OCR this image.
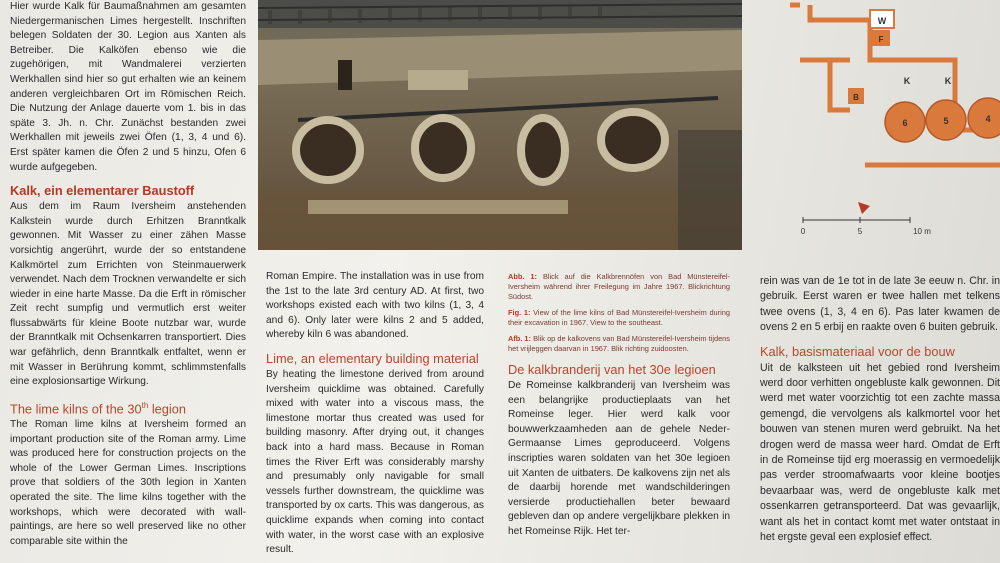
Hier wurde Kalk für Baumaßnahmen am gesamten Niedergermanischen Limes hergestellt. Inschriften belegen Soldaten der 30. Legion aus Xanten als Betreiber. Die Kalköfen ebenso wie die zugehörigen, mit Wandmalerei verzierten Werkhallen sind hier so gut erhalten wie an keinem anderen vergleichbaren Ort im Römischen Reich. Die Nutzung der Anlage dauerte vom 1. bis in das späte 3. Jh. n. Chr. Zunächst bestanden zwei Werkhallen mit jeweils zwei Öfen (1, 3, 4 und 6). Erst später kamen die Öfen 2 und 5 hinzu, Ofen 6 wurde aufgegeben.

Kalk, ein elementarer Baustoff

Aus dem im Raum Iversheim anstehenden Kalkstein wurde durch Erhitzen Branntkalk gewonnen. Mit Wasser zu einer zähen Masse vorsichtig angerührt, wurde der so entstandene Kalkmörtel zum Errichten von Steinmauerwerk verwendet. Nach dem Trocknen verwandelte er sich wieder in eine harte Masse. Da die Erft in römischer Zeit recht sumpfig und vermutlich erst weiter flussabwärts für kleine Boote nutzbar war, wurde der Branntkalk mit Ochsenkarren transportiert. Dies war gefährlich, denn Branntkalk entfaltet, wenn er mit Wasser in Berührung kommt, schlimmstenfalls eine explosionsartige Wirkung.

The lime kilns of the 30th legion

The Roman lime kilns at Iversheim formed an important production site of the Roman army. Lime was produced here for construction projects on the whole of the Lower German Limes. Inscriptions prove that soldiers of the 30th legion in Xanten operated the site. The lime kilns together with the workshops, which were decorated with wall-paintings, are here so well preserved like no other comparable site within the

W
F
K	K
B
6	5	4
0	5	10 m

Roman Empire. The installation was in use from the 1st to the late 3rd century AD. At first, two workshops existed each with two kilns (1, 3, 4 and 6). Only later were kilns 2 and 5 added, whereby kiln 6 was abandoned.

Lime, an elementary building material

By heating the limestone derived from around Iversheim quicklime was obtained. Carefully mixed with water into a viscous mass, the limestone mortar thus created was used for building masonry. After drying out, it changes back into a hard mass. Because in Roman times the River Erft was considerably marshy and presumably only navigable for small vessels further downstream, the quicklime was transported by ox carts. This was dangerous, as quicklime expands when coming into contact with water, in the worst case with an explosive result.

Abb. 1: Blick auf die Kalkbrennöfen von Bad Münstereifel-Iversheim während ihrer Freilegung im Jahre 1967. Blickrichtung Südost.
Fig. 1: View of the lime kilns of Bad Münstereifel-Iversheim during their excavation in 1967. View to the southeast.
Afb. 1: Blik op de kalkovens van Bad Münstereifel-Iversheim tijdens het vrijleggen daarvan in 1967. Blik richting zuidoosten.
De kalkbranderij van het 30e legioen

De Romeinse kalkbranderij van Iversheim was een belangrijke productieplaats van het Romeinse leger. Hier werd kalk voor bouwwerkzaamheden aan de gehele Neder-Germaanse Limes geproduceerd. Volgens inscripties waren soldaten van het 30e legioen uit Xanten de uitbaters. De kalkovens zijn net als de daarbij horende met wandschilderingen versierde productiehallen beter bewaard gebleven dan op andere vergelijkbare plekken in het Romeinse Rijk. Het ter-

rein was van de 1e tot in de late 3e eeuw n. Chr. in gebruik. Eerst waren er twee hallen met telkens twee ovens (1, 3, 4 en 6). Pas later kwamen de ovens 2 en 5 erbij en raakte oven 6 buiten gebruik.

Kalk, basismateriaal voor de bouw

Uit de kalksteen uit het gebied rond Iversheim werd door verhitten ongebluste kalk gewonnen. Dit werd met water voorzichtig tot een zachte massa gemengd, die vervolgens als kalkmortel voor het bouwen van stenen muren werd gebruikt. Na het drogen werd de massa weer hard. Omdat de Erft in de Romeinse tijd erg moerassig en vermoedelijk pas verder stroomafwaarts voor kleine bootjes bevaarbaar was, werd de ongebluste kalk met ossenkarren getransporteerd. Dat was gevaarlijk, want als het in contact komt met water ontstaat in het ergste geval een explosief effect.
